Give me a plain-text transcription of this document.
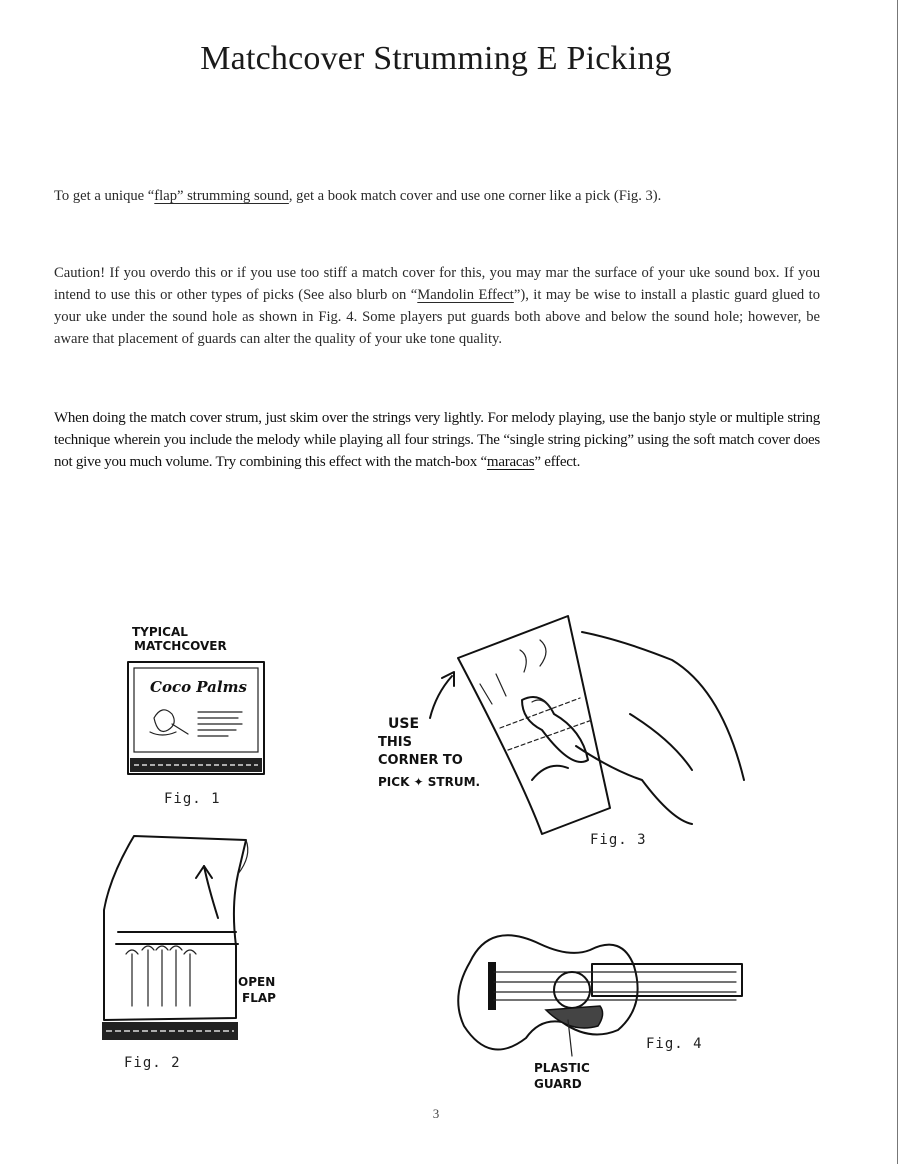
Matchcover Strumming E Picking

To get a unique “flap” strumming sound, get a book match cover and use one corner like a pick (Fig. 3).

Caution! If you overdo this or if you use too stiff a match cover for this, you may mar the surface of your uke sound box. If you intend to use this or other types of picks (See also blurb on “Mandolin Effect”), it may be wise to install a plastic guard glued to your uke under the sound hole as shown in Fig. 4. Some players put guards both above and below the sound hole; however, be aware that placement of guards can alter the quality of your uke tone quality.

When doing the match cover strum, just skim over the strings very lightly. For melody playing, use the banjo style or multiple string technique wherein you include the melody while playing all four strings. The “single string picking” using the soft match cover does not give you much volume. Try combining this effect with the match-box “maracas” effect.

TYPICAL
MATCHCOVER
Coco Palms
Fig. 1
OPEN
FLAP
Fig. 2
USE
THIS
CORNER TO
PICK ✦ STRUM.
Fig. 3
PLASTIC
GUARD
Fig. 4
3
